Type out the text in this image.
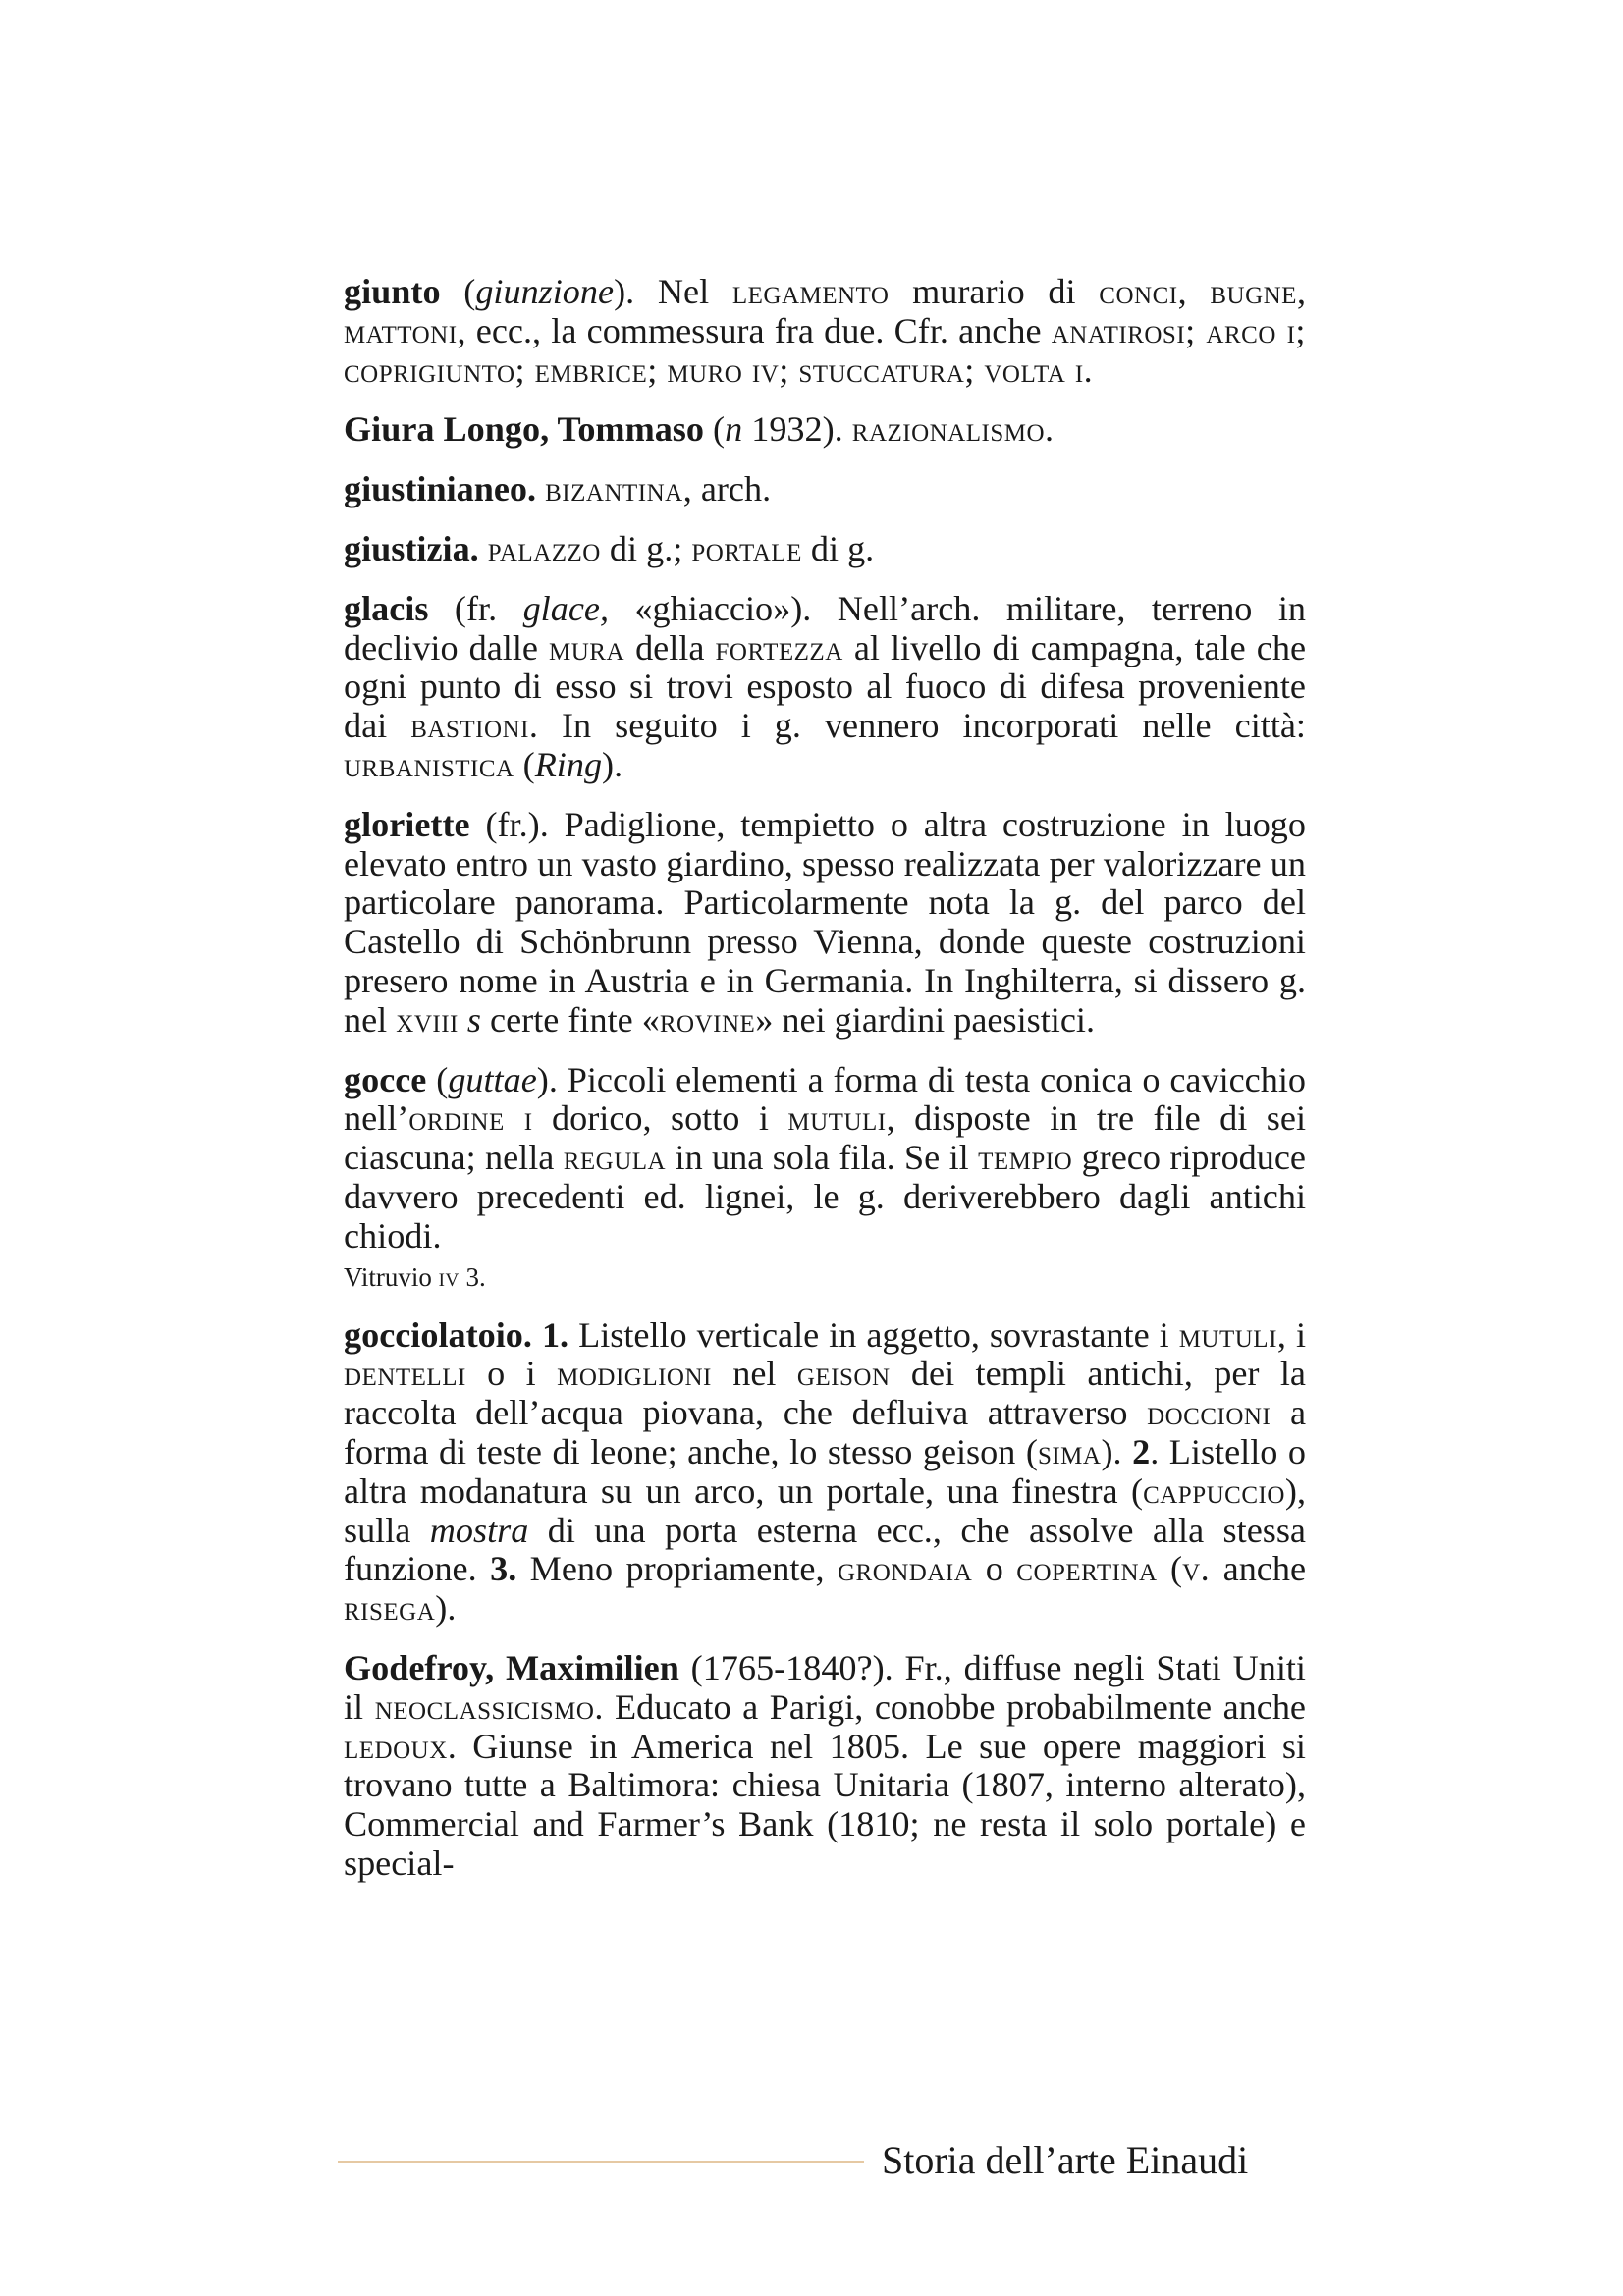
giunto (giunzione). Nel legamento murario di conci, bugne, mattoni, ecc., la commessura fra due. Cfr. anche anatirosi; arco i; coprigiunto; embrice; muro iv; stuccatura; volta i.

Giura Longo, Tommaso (n 1932). razionalismo.

giustinianeo. bizantina, arch.

giustizia. palazzo di g.; portale di g.

glacis (fr. glace, «ghiaccio»). Nell’arch. militare, terreno in declivio dalle mura della fortezza al livello di campagna, tale che ogni punto di esso si trovi esposto al fuoco di difesa proveniente dai bastioni. In seguito i g. vennero incorporati nelle città: urbanistica (Ring).

gloriette (fr.). Padiglione, tempietto o altra costruzione in luogo elevato entro un vasto giardino, spesso realizzata per valorizzare un particolare panorama. Particolarmente nota la g. del parco del Castello di Schönbrunn presso Vienna, donde queste costruzioni presero nome in Austria e in Germania. In Inghilterra, si dissero g. nel xviii s certe finte «rovine» nei giardini paesistici.

gocce (guttae). Piccoli elementi a forma di testa conica o cavicchio nell’ordine i dorico, sotto i mutuli, disposte in tre file di sei ciascuna; nella regula in una sola fila. Se il tempio greco riproduce davvero precedenti ed. lignei, le g. deriverebbero dagli antichi chiodi.

Vitruvio iv 3.

gocciolatoio. 1. Listello verticale in aggetto, sovrastante i mutuli, i dentelli o i modiglioni nel geison dei templi antichi, per la raccolta dell’acqua piovana, che defluiva attraverso doccioni a forma di teste di leone; anche, lo stesso geison (sima). 2. Listello o altra modanatura su un arco, un portale, una finestra (cappuccio), sulla mostra di una porta esterna ecc., che assolve alla stessa funzione. 3. Meno propriamente, grondaia o copertina (v. anche risega).

Godefroy, Maximilien (1765-1840?). Fr., diffuse negli Stati Uniti il neoclassicismo. Educato a Parigi, conobbe probabilmente anche ledoux. Giunse in America nel 1805. Le sue opere maggiori si trovano tutte a Baltimora: chiesa Unitaria (1807, interno alterato), Commercial and Farmer’s Bank (1810; ne resta il solo portale) e special-

Storia dell’arte Einaudi
